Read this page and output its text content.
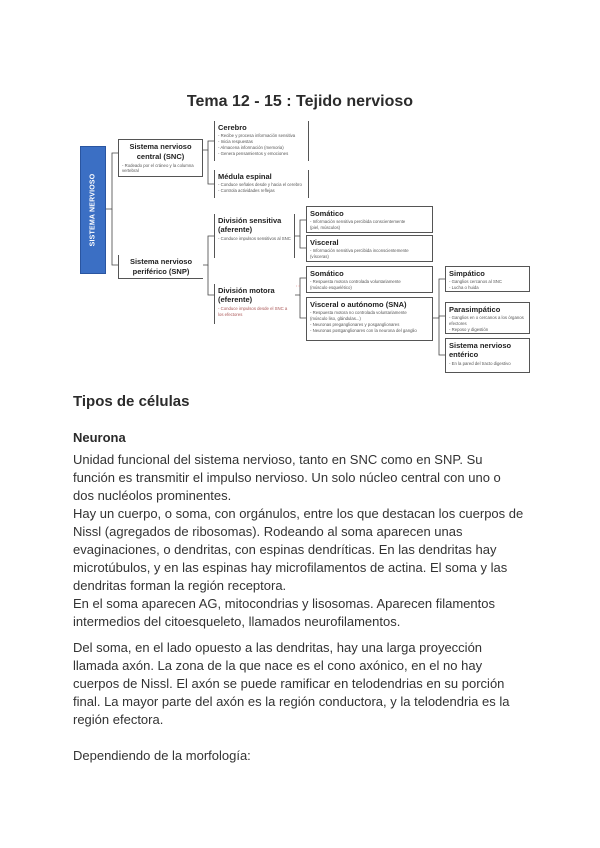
Tema 12 - 15 : Tejido nervioso
SISTEMA NERVIOSO
Sistema nervioso central (SNC)
- Rodeado por el cráneo y la columna vertebral
Sistema nervioso periférico (SNP)
Cerebro
- Recibe y procesa información sensitiva
- Inicia respuestas
- Almacena información (memoria)
- Genera pensamientos y emociones
Médula espinal
- Conduce señales desde y hacia el cerebro
- Controla actividades reflejas
División sensitiva (aferente)
- Conduce impulsos sensitivos al SNC
División motora (eferente)
- Conduce impulsos desde el SNC a los efectores
Somático
- Información sensitiva percibida conscientemente
(piel, músculos)
Visceral
- Información sensitiva percibida inconscientemente
(vísceras)
Somático
- Respuesta motora controlada voluntariamente
(músculo esquelético)
Visceral o autónomo (SNA)
- Respuesta motora no controlada voluntariamente
(músculo liso, glándulas...)
- Neuronas preganglionares y posganglionares
- Neuronas postganglionares con la neurona del ganglio
Simpático
- Ganglios cercanos al SNC
- Lucha o huida
Parasimpático
- Ganglios en o cercanos a los órganos efectores
- Reposo y digestión
Sistema nervioso entérico
- En la pared del tracto digestivo
Tipos de células
Neurona

Unidad funcional del sistema nervioso, tanto en SNC como en SNP. Su
función es transmitir el impulso nervioso. Un solo núcleo central con uno o
dos nucléolos prominentes.
Hay un cuerpo, o soma, con orgánulos, entre los que destacan los cuerpos de
Nissl (agregados de ribosomas). Rodeando al soma aparecen unas
evaginaciones, o dendritas, con espinas dendríticas. En las dendritas hay
microtúbulos, y en las espinas hay microfilamentos de actina. El soma y las
dendritas forman la región receptora.
En el soma aparecen AG, mitocondrias y lisosomas. Aparecen filamentos
intermedios del citoesqueleto, llamados neurofilamentos.

Del soma, en el lado opuesto a las dendritas, hay una larga proyección
llamada axón. La zona de la que nace es el cono axónico, en el no hay
cuerpos de Nissl. El axón se puede ramificar en telodendrias en su porción
final. La mayor parte del axón es la región conductora, y la telodendria es la
región efectora.

Dependiendo de la morfología:
